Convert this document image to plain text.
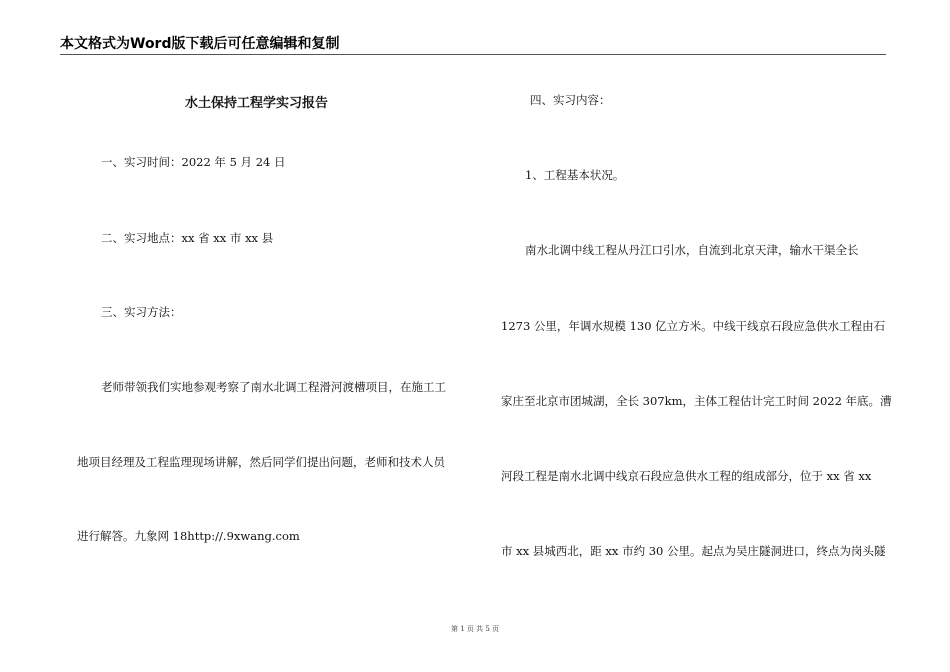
本文格式为Word版下载后可任意编辑和复制
水土保持工程学实习报告
一、实习时间：2022 年 5 月 24 日
二、实习地点：xx 省 xx 市 xx 县
三、实习方法：
老师带领我们实地参观考察了南水北调工程滑河渡槽项目，在施工工
地项目经理及工程监理现场讲解，然后同学们提出问题，老师和技术人员
进行解答。九象网 18http://.9xwang.com
四、实习内容：
1、工程基本状况。
南水北调中线工程从丹江口引水，自流到北京天津，输水干渠全长
1273 公里，年调水规模 130 亿立方米。中线干线京石段应急供水工程由石
家庄至北京市团城湖，全长 307km，主体工程估计完工时间 2022 年底。漕
河段工程是南水北调中线京石段应急供水工程的组成部分，位于 xx 省 xx
市 xx 县城西北，距 xx 市约 30 公里。起点为吴庄隧洞进口，终点为岗头隧
第 1 页 共 5 页
